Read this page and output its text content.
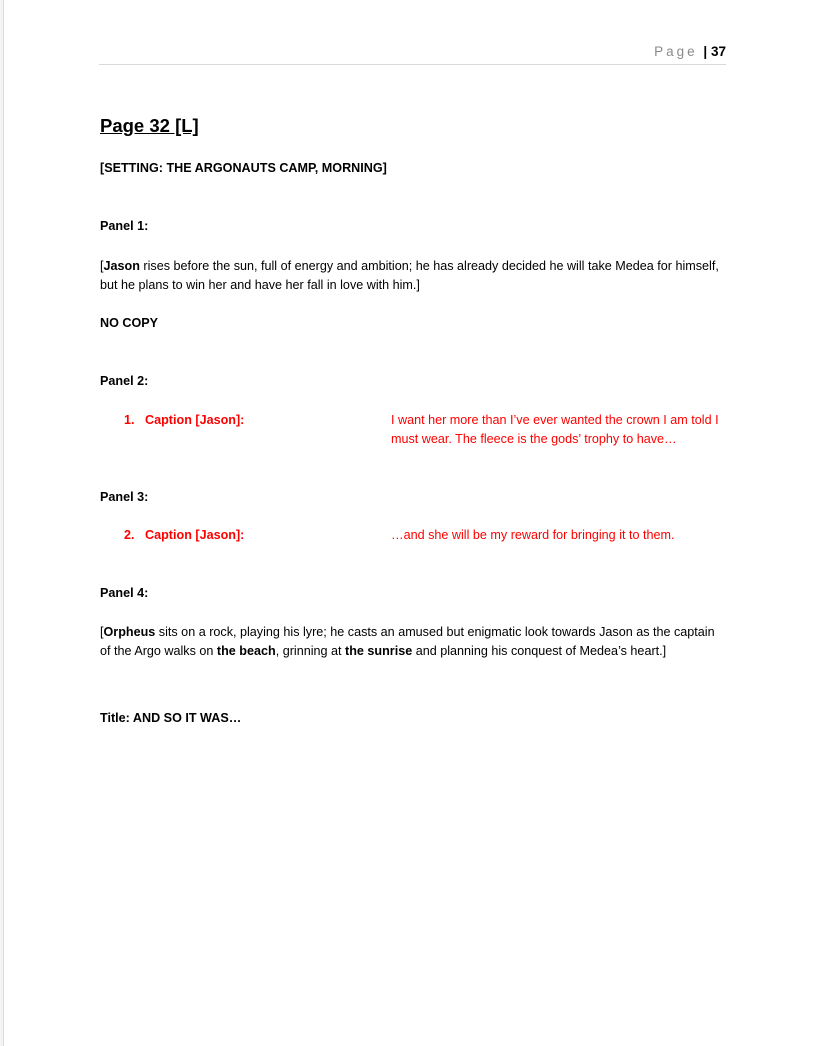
Page | 37
Page 32 [L]

[SETTING: THE ARGONAUTS CAMP, MORNING]

Panel 1:

[Jason rises before the sun, full of energy and ambition; he has already decided he will take Medea for himself, but he plans to win her and have her fall in love with him.]

NO COPY

Panel 2:

1. Caption [Jason]:	I want her more than I’ve ever wanted the crown I am told I must wear. The fleece is the gods’ trophy to have…

Panel 3:

2. Caption [Jason]:	…and she will be my reward for bringing it to them.

Panel 4:

[Orpheus sits on a rock, playing his lyre; he casts an amused but enigmatic look towards Jason as the captain of the Argo walks on the beach, grinning at the sunrise and planning his conquest of Medea’s heart.]

Title: AND SO IT WAS…
